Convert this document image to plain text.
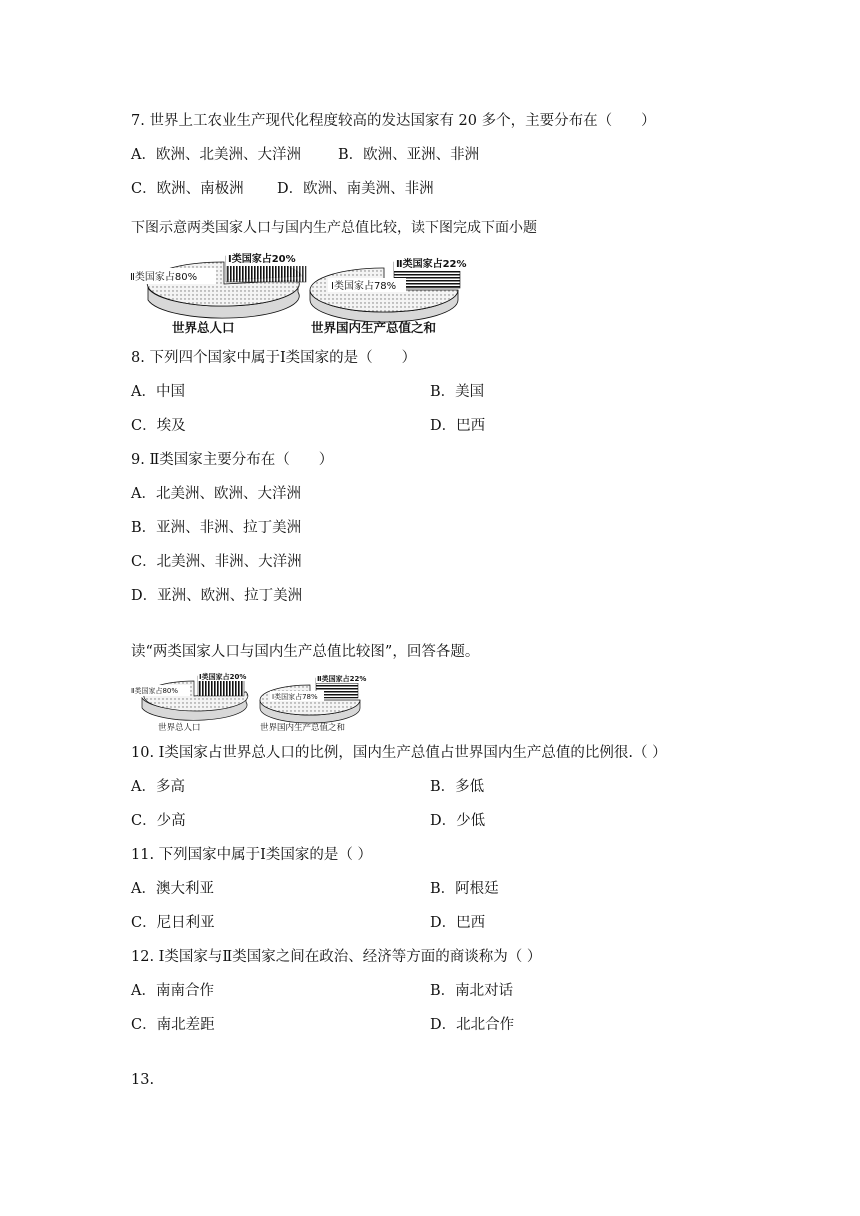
7. 世界上工农业生产现代化程度较高的发达国家有 20 多个，主要分布在（　　）
A．欧洲、北美洲、大洋洲	B．欧洲、亚洲、非洲
C．欧洲、南极洲 D．欧洲、南美洲、非洲
下图示意两类国家人口与国内生产总值比较，读下图完成下面小题
Ⅱ类国家占80%
Ⅰ类国家占20%
世界总人口
Ⅱ类国家占22%
Ⅰ类国家占78%
世界国内生产总值之和
8. 下列四个国家中属于Ⅰ类国家的是（　　）
A．中国	B．美国
C．埃及	D．巴西
9. Ⅱ类国家主要分布在（　　）
A．北美洲、欧洲、大洋洲
B．亚洲、非洲、拉丁美洲
C．北美洲、非洲、大洋洲
D．亚洲、欧洲、拉丁美洲
读“两类国家人口与国内生产总值比较图”，回答各题。
Ⅱ类国家占80%
Ⅰ类国家占20%
世界总人口
Ⅱ类国家占22%
Ⅰ类国家占78%
世界国内生产总值之和
10. Ⅰ类国家占世界总人口的比例，国内生产总值占世界国内生产总值的比例很.（ ）
A．多高	B．多低
C．少高	D．少低
11. 下列国家中属于Ⅰ类国家的是（ ）
A．澳大利亚	B．阿根廷
C．尼日利亚	D．巴西
12. Ⅰ类国家与Ⅱ类国家之间在政治、经济等方面的商谈称为（ ）
A．南南合作	B．南北对话
C．南北差距	D．北北合作
13.
